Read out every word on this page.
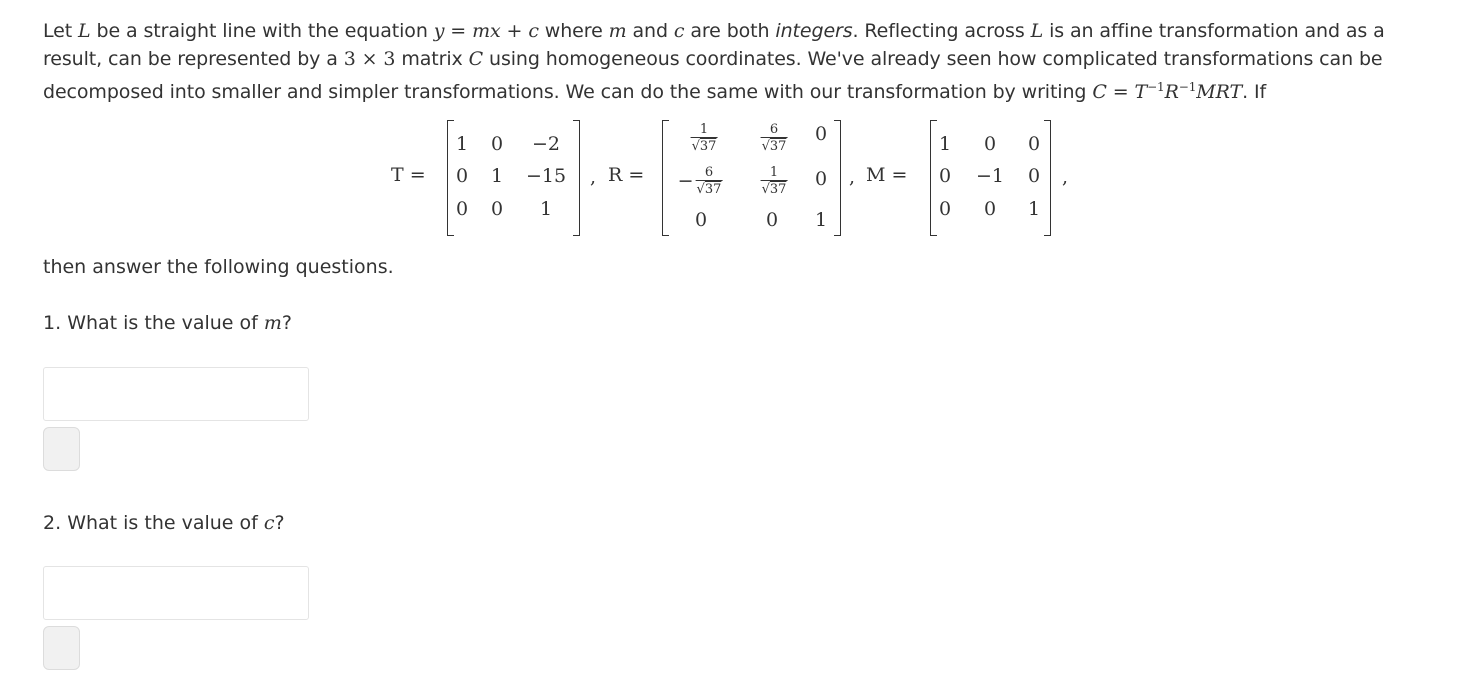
Let L be a straight line with the equation y = mx + c where m and c are both integers. Reflecting across L is an affine transformation and as a result, can be represented by a 3 × 3 matrix C using homogeneous coordinates. We've already seen how complicated transformations can be decomposed into smaller and simpler transformations. We can do the same with our transformation by writing $C = T^{-1}R^{-1}MRT$. If
T =
1 0 −2
0 1 −15
0 0 1
, R =
$\frac{1}{√37}$	$\frac{6}{√37} 0$
− $\frac{6}{√37}$	$\frac{1}{√37} 0$
0	0 1
, M =
1 0 0
0 −1 0
0 0 1
,
then answer the following questions.
1. What is the value of m?
2. What is the value of c?
